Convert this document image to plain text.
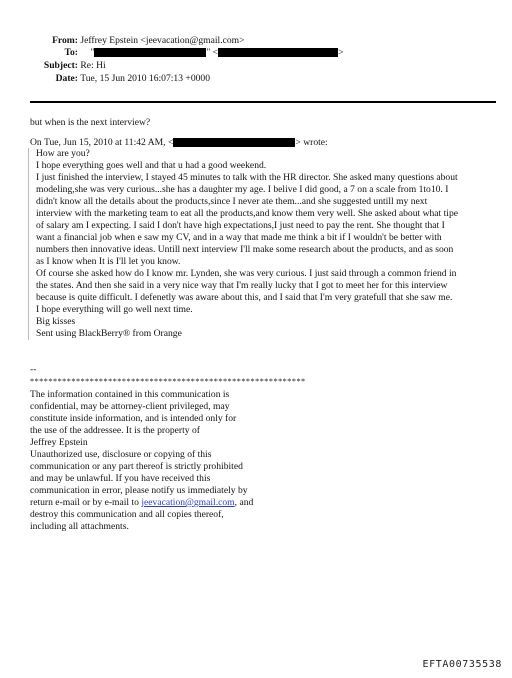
From: Jeffrey Epstein <jeevacation@gmail.com>
To: "	" <	>
Subject: Re: Hi
Date: Tue, 15 Jun 2010 16:07:13 +0000
but when is the next interview?
On Tue, Jun 15, 2010 at 11:42 AM, <	> wrote:
How are you?
I hope everything goes well and that u had a good weekend.
I just finished the interview, I stayed 45 minutes to talk with the HR director. She asked many questions about
modeling,she was very curious...she has a daughter my age. I belive I did good, a 7 on a scale from 1to10. I
didn't know all the details about the products,since I never ate them...and she suggested untill my next
interview with the marketing team to eat all the products,and know them very well. She asked about what tipe
of salary am I expecting. I said I don't have high expectations,I just need to pay the rent. She thought that I
want a financial job when e saw my CV, and in a way that made me think a bit if I wouldn't be better with
numbers then innovative ideas. Untill next interview I'll make some research about the products, and as soon
as I know when It is I'll let you know.
Of course she asked how do I know mr. Lynden, she was very curious. I just said through a common friend in
the states. And then she said in a very nice way that I'm really lucky that I got to meet her for this interview
because is quite difficult. I defenetly was aware about this, and I said that I'm very gratefull that she saw me.
I hope everything will go well next time.
Big kisses
Sent using BlackBerry® from Orange
--
************************************************************
The information contained in this communication is
confidential, may be attorney-client privileged, may
constitute inside information, and is intended only for
the use of the addressee. It is the property of
Jeffrey Epstein
Unauthorized use, disclosure or copying of this
communication or any part thereof is strictly prohibited
and may be unlawful. If you have received this
communication in error, please notify us immediately by
return e-mail or by e-mail to jeevacation@gmail.com, and
destroy this communication and all copies thereof,
including all attachments.
EFTA00735538
